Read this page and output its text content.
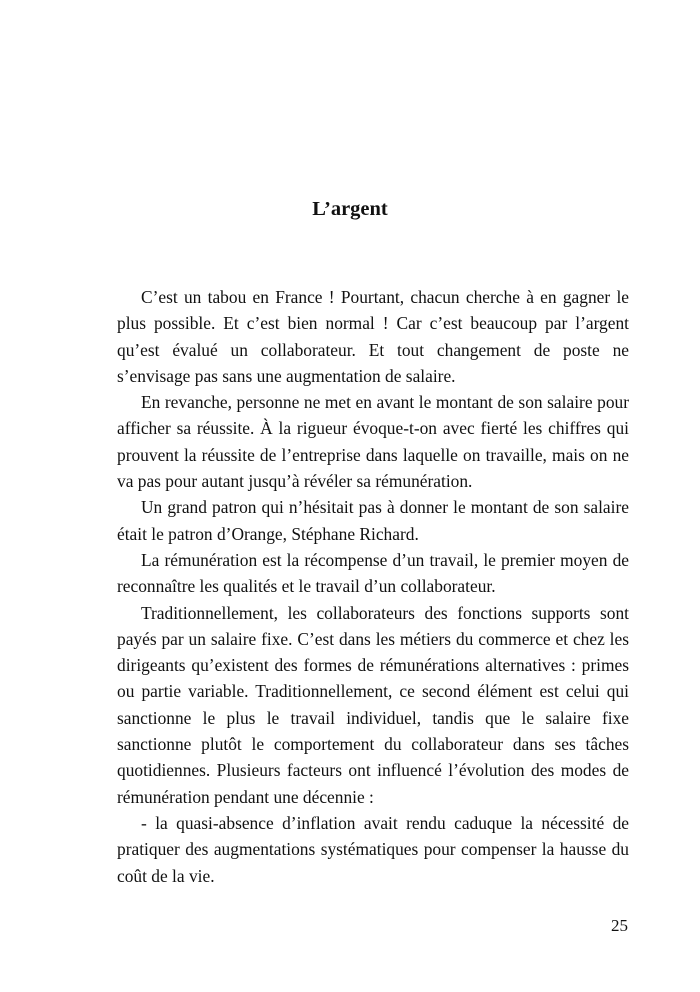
L’argent

C’est un tabou en France ! Pourtant, chacun cherche à en gagner le plus possible. Et c’est bien normal ! Car c’est beaucoup par l’argent qu’est évalué un collaborateur. Et tout changement de poste ne s’envisage pas sans une augmentation de salaire.

En revanche, personne ne met en avant le montant de son salaire pour afficher sa réussite. À la rigueur évoque-t-on avec fierté les chiffres qui prouvent la réussite de l’entreprise dans laquelle on travaille, mais on ne va pas pour autant jusqu’à révéler sa rémunération.

Un grand patron qui n’hésitait pas à donner le montant de son salaire était le patron d’Orange, Stéphane Richard.

La rémunération est la récompense d’un travail, le premier moyen de reconnaître les qualités et le travail d’un collaborateur.

Traditionnellement, les collaborateurs des fonctions supports sont payés par un salaire fixe. C’est dans les métiers du commerce et chez les dirigeants qu’existent des formes de rémunérations alternatives : primes ou partie variable. Traditionnellement, ce second élément est celui qui sanctionne le plus le travail individuel, tandis que le salaire fixe sanctionne plutôt le comportement du collaborateur dans ses tâches quotidiennes. Plusieurs facteurs ont influencé l’évolution des modes de rémunération pendant une décennie :

- la quasi-absence d’inflation avait rendu caduque la nécessité de pratiquer des augmentations systématiques pour compenser la hausse du coût de la vie.

25
